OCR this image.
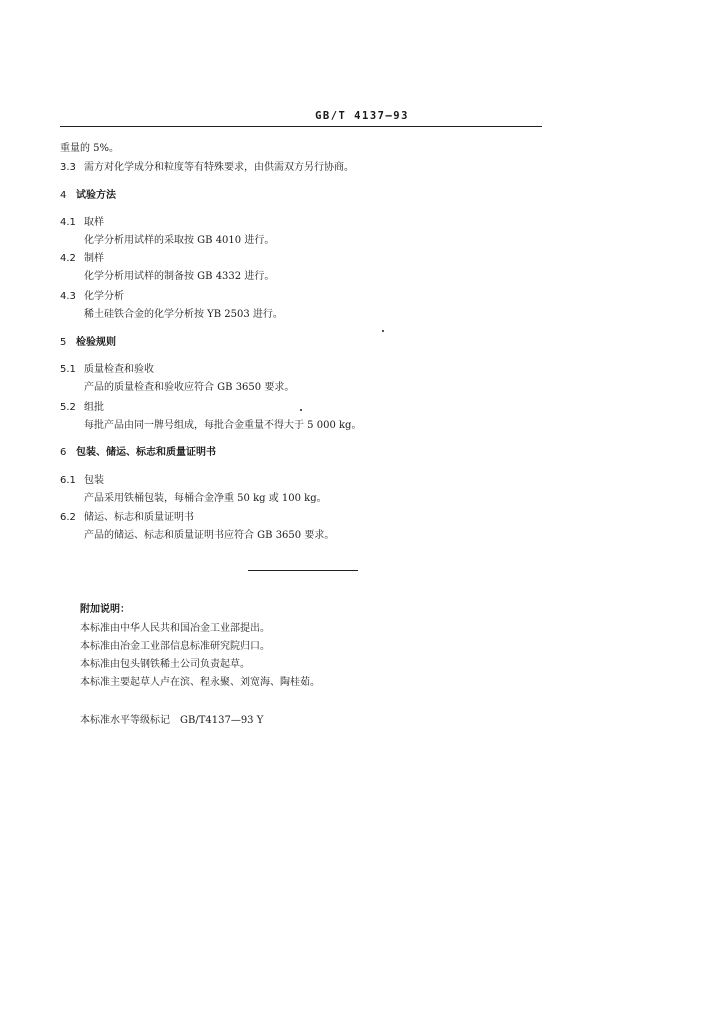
GB/T 4137—93
重量的 5%。
3.3 需方对化学成分和粒度等有特殊要求，由供需双方另行协商。
4 试验方法
4.1 取样
化学分析用试样的采取按 GB 4010 进行。
4.2 制样
化学分析用试样的制备按 GB 4332 进行。
4.3 化学分析
稀土硅铁合金的化学分析按 YB 2503 进行。
5 检验规则
5.1 质量检查和验收
产品的质量检查和验收应符合 GB 3650 要求。
5.2 组批
每批产品由同一牌号组成，每批合金重量不得大于 5 000 kg。
6 包装、储运、标志和质量证明书
6.1 包装
产品采用铁桶包装，每桶合金净重 50 kg 或 100 kg。
6.2 储运、标志和质量证明书
产品的储运、标志和质量证明书应符合 GB 3650 要求。
附加说明：
本标准由中华人民共和国冶金工业部提出。
本标准由冶金工业部信息标准研究院归口。
本标准由包头钢铁稀土公司负责起草。
本标准主要起草人卢在滨、程永聚、刘宽海、陶桂茹。
本标准水平等级标记　GB/T4137—93 Y
